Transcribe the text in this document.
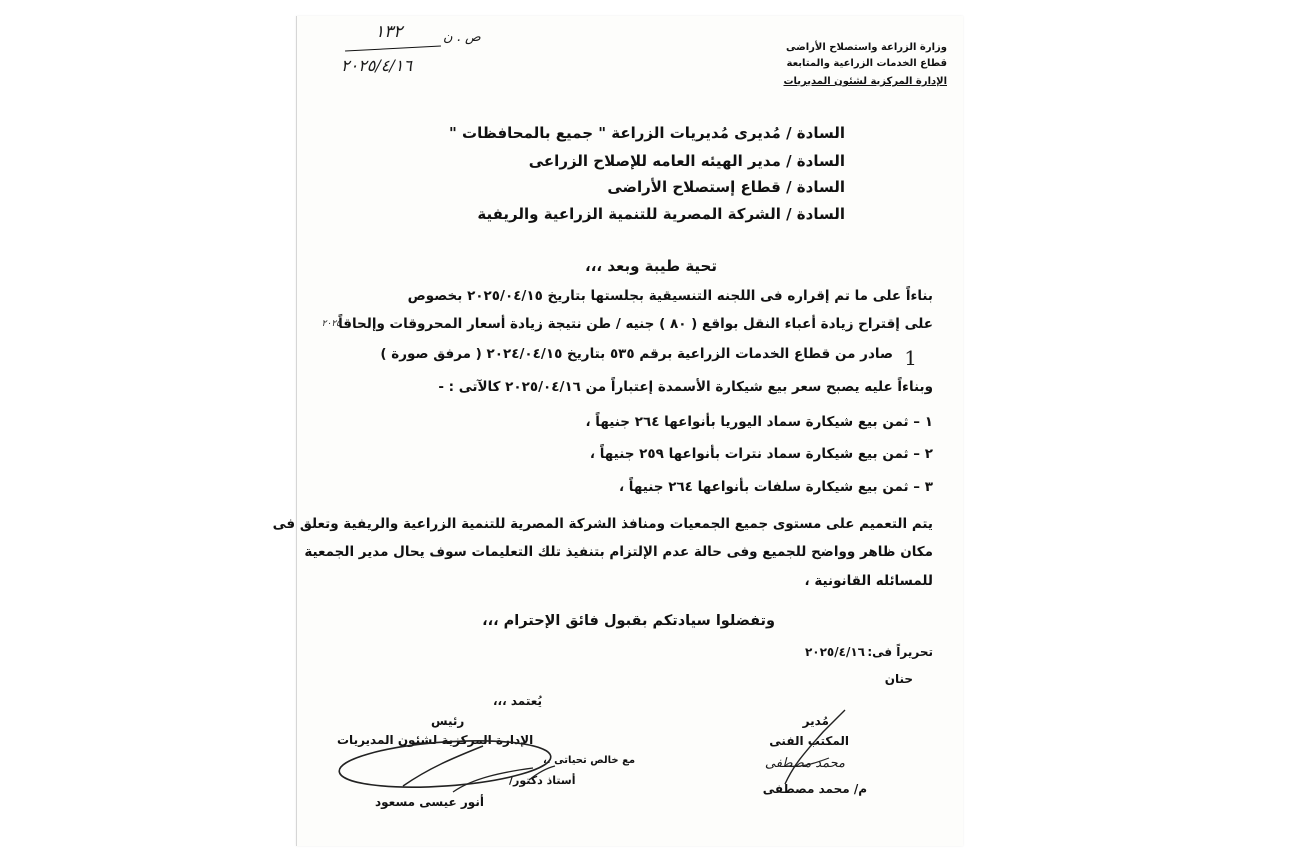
وزارة الزراعة واستصلاح الأراضى
قطاع الخدمات الزراعية والمتابعة
الإدارة المركزية لشئون المديريات
١٣٢	ص . ن
٢٠٢٥/٤/١٦
السادة / مُديرى مُديريات الزراعة " جميع بالمحافظات "
السادة / مدير الهيئه العامه للإصلاح الزراعى
السادة / قطاع إستصلاح الأراضى
السادة / الشركة المصرية للتنمية الزراعية والريفية
تحية طيبة وبعد ،،،
بناءاً على ما تم إقراره فى اللجنه التنسيقية بجلستها بتاريخ ٢٠٢٥/٠٤/١٥ بخصوص
على إقتراح زيادة أعباء النقل بواقع ( ٨٠ ) جنيه / طن نتيجة زيادة أسعار المحروقات وإلحاقاً
٢٠٢٥
1
صادر من قطاع الخدمات الزراعية برقم ٥٣٥ بتاريخ ٢٠٢٤/٠٤/١٥ ( مرفق صورة )
وبناءاً عليه يصبح سعر بيع شيكارة الأسمدة إعتباراً من ٢٠٢٥/٠٤/١٦ كالآتى : -
١ – ثمن بيع شيكارة سماد اليوريا بأنواعها ٢٦٤ جنيهاً ،
٢ – ثمن بيع شيكارة سماد نترات بأنواعها ٢٥٩ جنيهاً ،
٣ – ثمن بيع شيكارة سلفات بأنواعها ٢٦٤ جنيهاً ،
يتم التعميم على مستوى جميع الجمعيات ومنافذ الشركة المصرية للتنمية الزراعية والريفية وتعلق فى
مكان ظاهر وواضح للجميع وفى حالة عدم الإلتزام بتنفيذ تلك التعليمات سوف يحال مدير الجمعية
للمسائله القانونية ،
وتفضلوا سيادتكم بقبول فائق الإحترام ،،،
تحريراً فى:
٢٠٢٥/٤/١٦
حنان
يُعتمد ،،،
رئيس
الإدارة المركزية لشئون المديريات
مع خالص تحياتى ،،
أستاذ دكتور/
أنور عيسى مسعود
مُدير
المكتب الفنى
محمد مصطفى
م/ محمد مصطفى
